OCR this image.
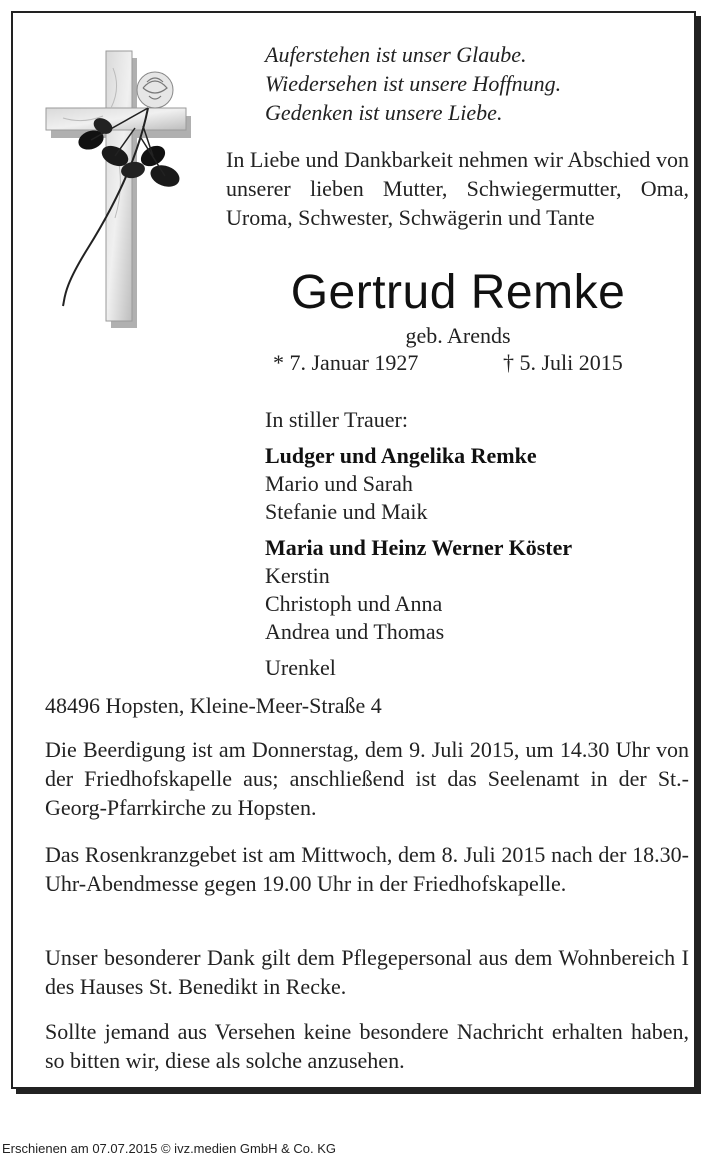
Auferstehen ist unser Glaube.
Wiedersehen ist unsere Hoffnung.
Gedenken ist unsere Liebe.
In Liebe und Dankbarkeit nehmen wir Abschied von unserer lieben Mutter, Schwiegermutter, Oma, Uroma, Schwester, Schwägerin und Tante
Gertrud Remke
geb. Arends
* 7. Januar 1927	† 5. Juli 2015
In stiller Trauer:
Ludger und Angelika Remke
Mario und Sarah
Stefanie und Maik
Maria und Heinz Werner Köster
Kerstin
Christoph und Anna
Andrea und Thomas
Urenkel
48496 Hopsten, Kleine-Meer-Straße 4
Die Beerdigung ist am Donnerstag, dem 9. Juli 2015, um 14.30 Uhr von der Friedhofskapelle aus; anschließend ist das Seelenamt in der St.-Georg-Pfarrkirche zu Hopsten.
Das Rosenkranzgebet ist am Mittwoch, dem 8. Juli 2015 nach der 18.30-Uhr-Abendmesse gegen 19.00 Uhr in der Friedhofskapelle.
Unser besonderer Dank gilt dem Pflegepersonal aus dem Wohnbereich I des Hauses St. Benedikt in Recke.
Sollte jemand aus Versehen keine besondere Nachricht erhalten haben, so bitten wir, diese als solche anzusehen.
Erschienen am 07.07.2015 © ivz.medien GmbH & Co. KG
